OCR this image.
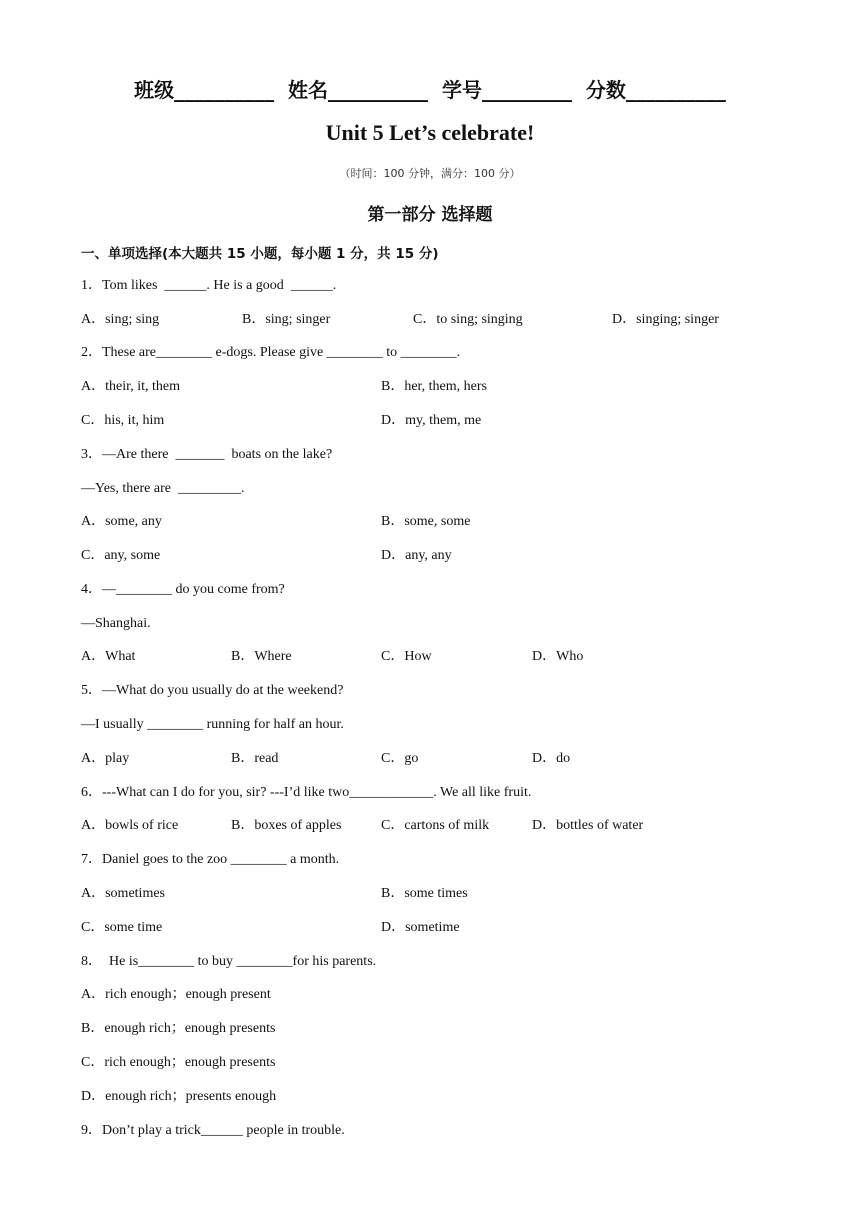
班级__________  姓名__________  学号_________  分数__________
Unit 5 Let’s celebrate!
（时间：100 分钟，满分：100 分）
第一部分 选择题
一、单项选择(本大题共 15 小题，每小题 1 分，共 15 分)
1．Tom likes  ______. He is a good  ______.
A．sing; sing	B．sing; singer	C．to sing; singing	D．singing; singer
2．These are________ e-dogs. Please give ________ to ________.
A．their, it, them	B．her, them, hers
C．his, it, him	D．my, them, me
3．—Are there  _______  boats on the lake?
—Yes, there are  _________.
A．some, any	B．some, some
C．any, some	D．any, any
4．—________ do you come from?
—Shanghai.
A．What	B．Where	C．How	D．Who
5．—What do you usually do at the weekend?
—I usually ________ running for half an hour.
A．play	B．read	C．go	D．do
6．---What can I do for you, sir? ---I’d like two____________. We all like fruit.
A．bowls of rice	B．boxes of apples	C．cartons of milk	D．bottles of water
7．Daniel goes to the zoo ________ a month.
A．sometimes	B．some times
C．some time	D．sometime
8．  He is________ to buy ________for his parents.
A．rich enough；enough present
B．enough rich；enough presents
C．rich enough；enough presents
D．enough rich；presents enough
9．Don’t play a trick______ people in trouble.
